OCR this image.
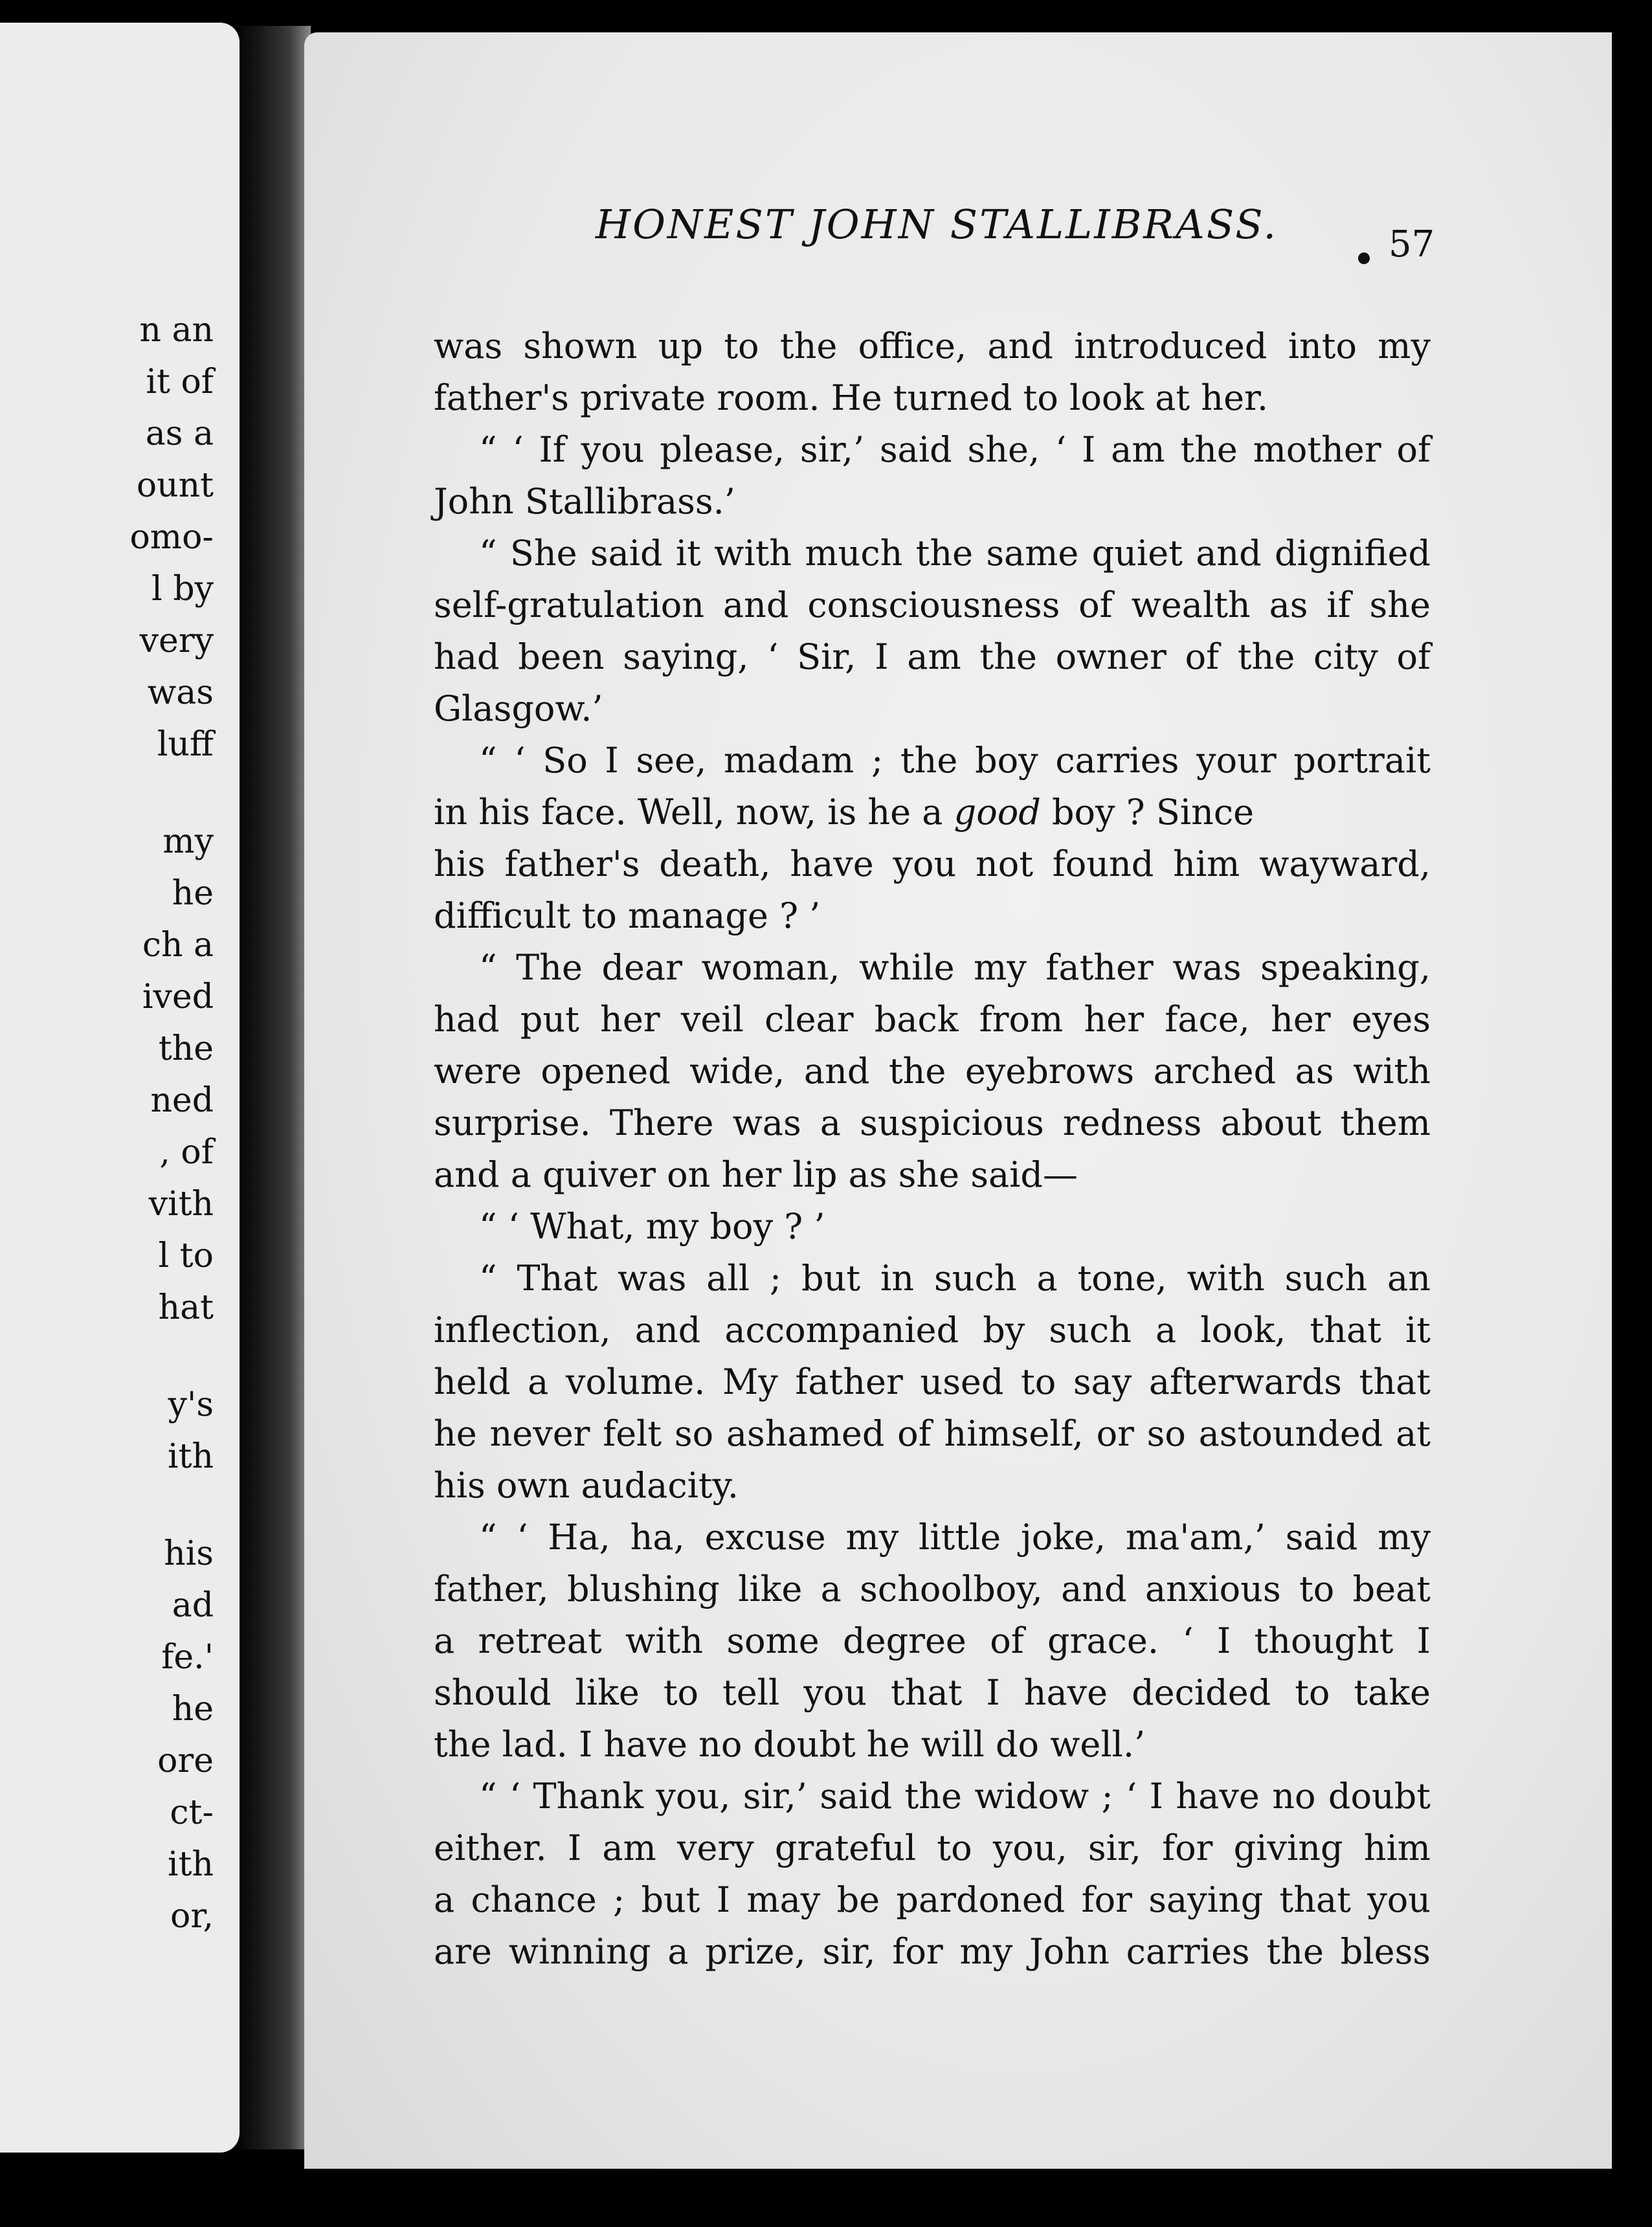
n an
it of
as a
ount
omo-
l by
very
was
luff
my
he
ch a
ived
the
ned
, of
vith
l to
hat
y's
ith
his
ad
fe.'
he
ore
ct-
ith
or,
HONEST JOHN STALLIBRASS.	57
was shown up to the office, and introduced into my
father's private room. He turned to look at her.
“ ‘ If you please, sir,’ said she, ‘ I am the mother of
John Stallibrass.’
“ She said it with much the same quiet and dignified
self-gratulation and consciousness of wealth as if she
had been saying, ‘ Sir, I am the owner of the city of
Glasgow.’
“ ‘ So I see, madam ; the boy carries your portrait
in his face. Well, now, is he a good boy ? Since
his father's death, have you not found him wayward,
difficult to manage ? ’
“ The dear woman, while my father was speaking,
had put her veil clear back from her face, her eyes
were opened wide, and the eyebrows arched as with
surprise. There was a suspicious redness about them
and a quiver on her lip as she said—
“ ‘ What, my boy ? ’
“ That was all ; but in such a tone, with such an
inflection, and accompanied by such a look, that it
held a volume. My father used to say afterwards that
he never felt so ashamed of himself, or so astounded at
his own audacity.
“ ‘ Ha, ha, excuse my little joke, ma'am,’ said my
father, blushing like a schoolboy, and anxious to beat
a retreat with some degree of grace. ‘ I thought I
should like to tell you that I have decided to take
the lad. I have no doubt he will do well.’
“ ‘ Thank you, sir,’ said the widow ; ‘ I have no doubt
either. I am very grateful to you, sir, for giving him
a chance ; but I may be pardoned for saying that you
are winning a prize, sir, for my John carries the bless
